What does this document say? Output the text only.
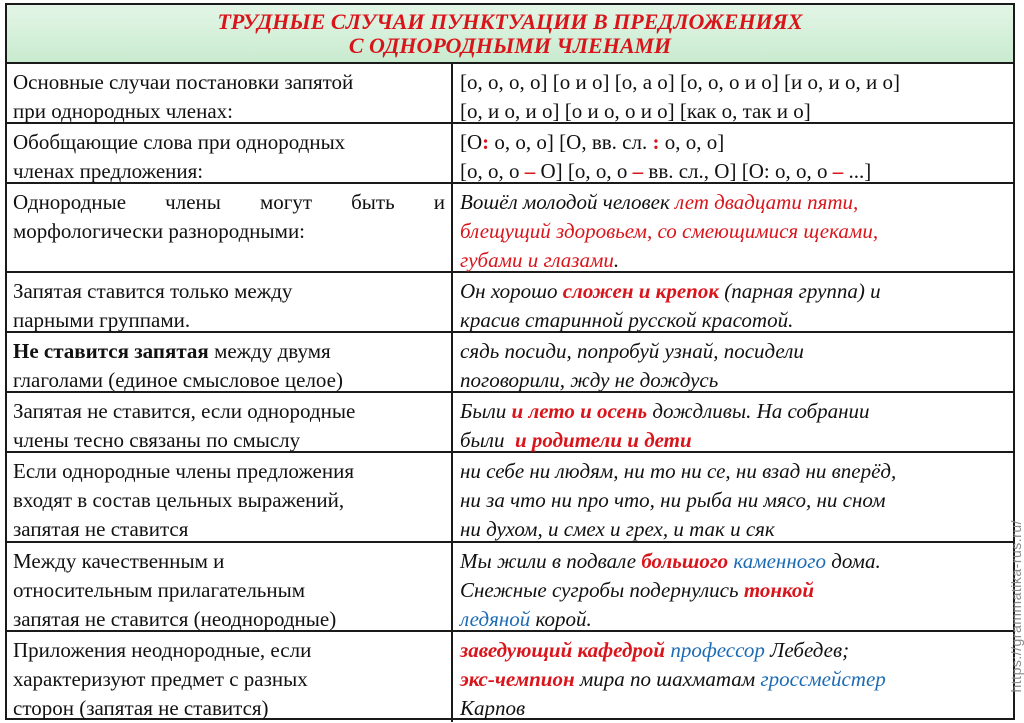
ТРУДНЫЕ СЛУЧАИ ПУНКТУАЦИИ В ПРЕДЛОЖЕНИЯХ
С ОДНОРОДНЫМИ ЧЛЕНАМИ
Основные случаи постановки запятой
при однородных членах:
[о, о, о, о] [о и о] [о, а о] [о, о, о и о] [и о, и о, и о]
[о, и о, и о] [о и о, о и о] [как о, так и о]
Обобщающие слова при однородных
членах предложения:
[О: о, о, о] [О, вв. сл. : о, о, о]
[о, о, о – О] [о, о, о – вв. сл., О] [О: о, о, о – ...]
Однородные члены могут быть и
морфологически разнородными:
Вошёл молодой человек лет двадцати пяти,
блещущий здоровьем, со смеющимися щеками,
губами и глазами.
Запятая ставится только между
парными группами.
Он хорошо сложен и крепок (парная группа) и
красив старинной русской красотой.
Не ставится запятая между двумя
глаголами (единое смысловое целое)
сядь посиди, попробуй узнай, посидели
поговорили, жду не дождусь
Запятая не ставится, если однородные
члены тесно связаны по смыслу
Были и лето и осень дождливы. На собрании
были  и родители и дети
Если однородные члены предложения
входят в состав цельных выражений,
запятая не ставится
ни себе ни людям, ни то ни се, ни взад ни вперёд,
ни за что ни про что, ни рыба ни мясо, ни сном
ни духом, и смех и грех, и так и сяк
Между качественным и
относительным прилагательным
запятая не ставится (неоднородные)
Мы жили в подвале большого каменного дома.
Снежные сугробы подернулись тонкой
ледяной корой.
Приложения неоднородные, если
характеризуют предмет с разных
сторон (запятая не ставится)
заведующий кафедрой профессор Лебедев;
экс-чемпион мира по шахматам гроссмейстер
Карпов
https://grammatika-rus.ru/
